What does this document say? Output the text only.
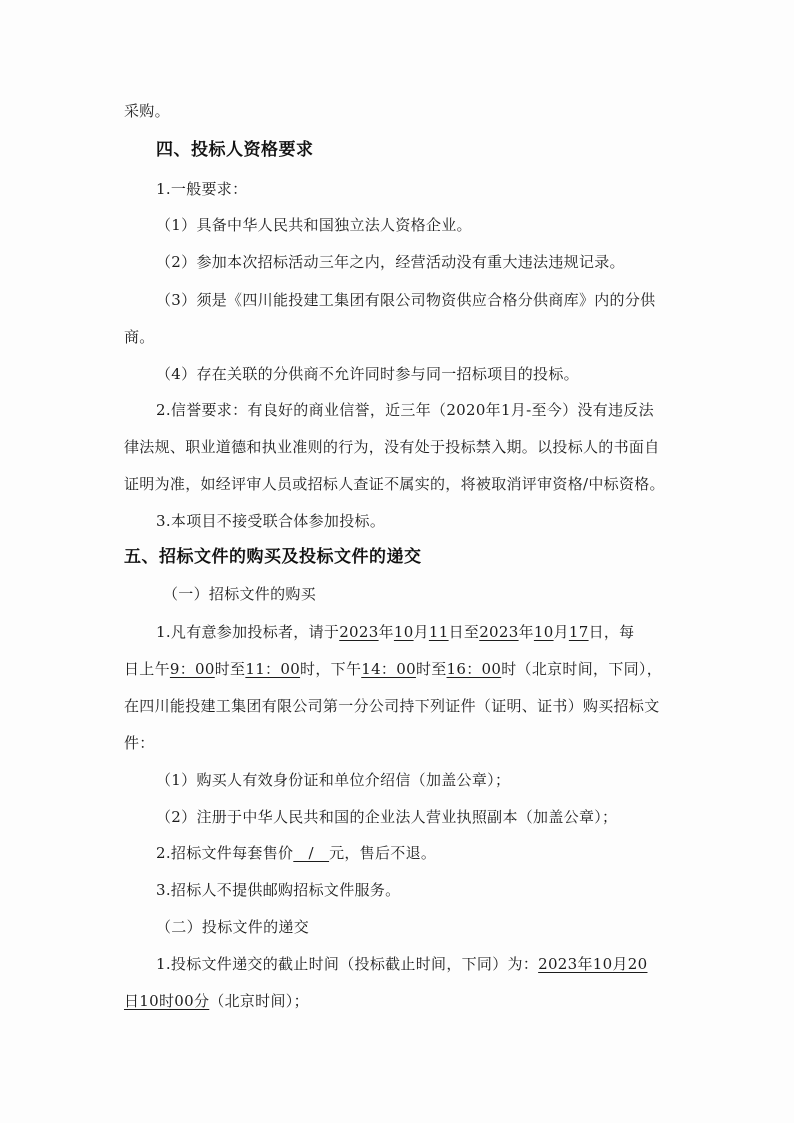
采购。
四、投标人资格要求
1.一般要求：
（1）具备中华人民共和国独立法人资格企业。
（2）参加本次招标活动三年之内，经营活动没有重大违法违规记录。
（3）须是《四川能投建工集团有限公司物资供应合格分供商库》内的分供
商。
（4）存在关联的分供商不允许同时参与同一招标项目的投标。
2.信誉要求：有良好的商业信誉，近三年（2020年1月-至今）没有违反法
律法规、职业道德和执业准则的行为，没有处于投标禁入期。以投标人的书面自
证明为准，如经评审人员或招标人查证不属实的，将被取消评审资格/中标资格。
3.本项目不接受联合体参加投标。
五、招标文件的购买及投标文件的递交
（一）招标文件的购买
1.凡有意参加投标者，请于2023年10月11日至2023年10月17日，每
日上午9：00时至11：00时，下午14：00时至16：00时（北京时间，下同），
在四川能投建工集团有限公司第一分公司持下列证件（证明、证书）购买招标文
件：
（1）购买人有效身份证和单位介绍信（加盖公章）；
（2）注册于中华人民共和国的企业法人营业执照副本（加盖公章）；
2.招标文件每套售价   /   元，售后不退。
3.招标人不提供邮购招标文件服务。
（二）投标文件的递交
1.投标文件递交的截止时间（投标截止时间，下同）为：2023年10月20
日10时00分（北京时间）；
